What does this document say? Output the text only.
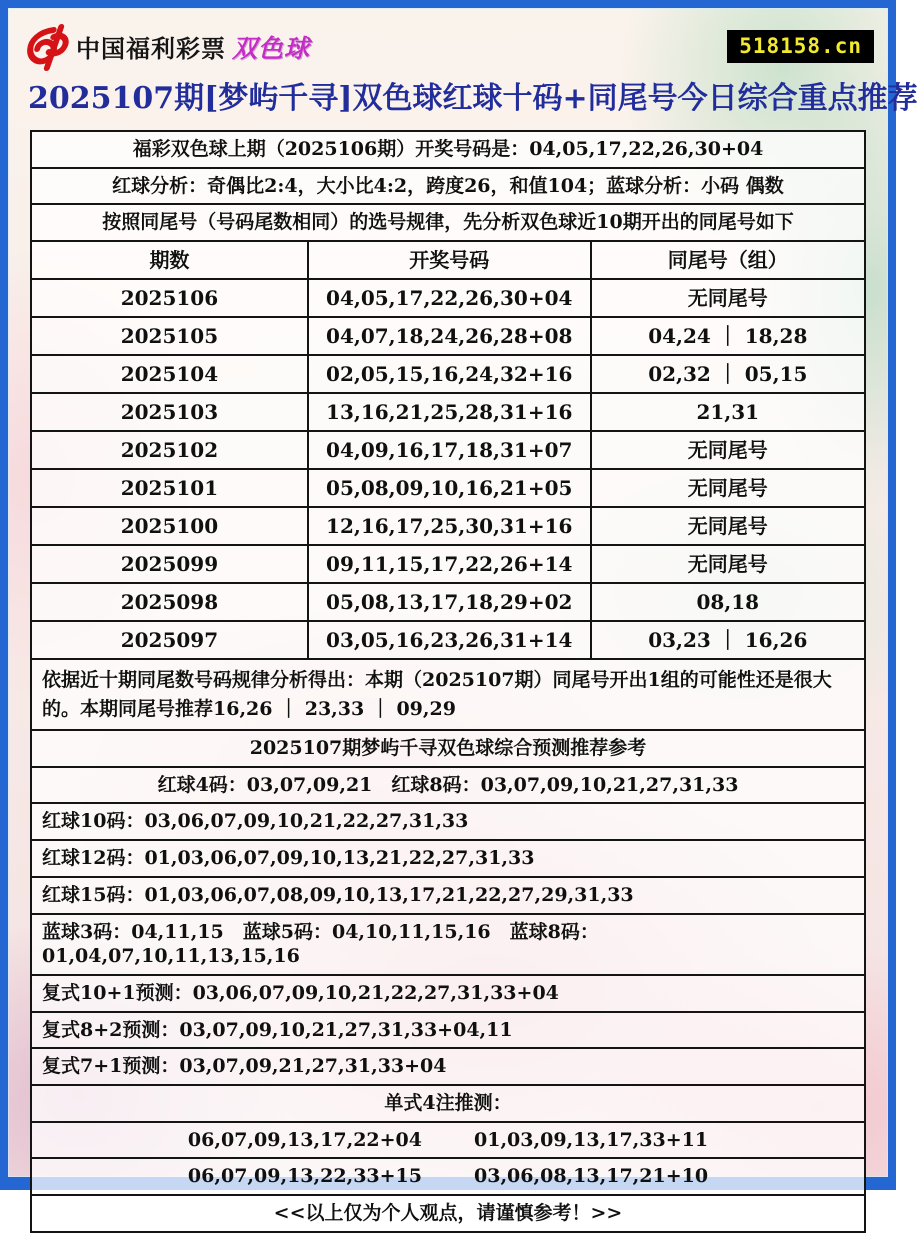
中国福利彩票 双色球	518158.cn
2025107期[梦屿千寻]双色球红球十码+同尾号今日综合重点推荐
福彩双色球上期（2025106期）开奖号码是：04,05,17,22,26,30+04
红球分析：奇偶比2:4，大小比4:2，跨度26，和值104；蓝球分析：小码 偶数
按照同尾号（号码尾数相同）的选号规律，先分析双色球近10期开出的同尾号如下
期数	开奖号码	同尾号（组）
2025106	04,05,17,22,26,30+04	无同尾号
2025105	04,07,18,24,26,28+08	04,24 ｜ 18,28
2025104	02,05,15,16,24,32+16	02,32 ｜ 05,15
2025103	13,16,21,25,28,31+16	21,31
2025102	04,09,16,17,18,31+07	无同尾号
2025101	05,08,09,10,16,21+05	无同尾号
2025100	12,16,17,25,30,31+16	无同尾号
2025099	09,11,15,17,22,26+14	无同尾号
2025098	05,08,13,17,18,29+02	08,18
2025097	03,05,16,23,26,31+14	03,23 ｜ 16,26
依据近十期同尾数号码规律分析得出：本期（2025107期）同尾号开出1组的可能性还是很大的。本期同尾号推荐16,26 ｜ 23,33 ｜ 09,29
2025107期梦屿千寻双色球综合预测推荐参考
红球4码：03,07,09,21　红球8码：03,07,09,10,21,27,31,33
红球10码：03,06,07,09,10,21,22,27,31,33
红球12码：01,03,06,07,09,10,13,21,22,27,31,33
红球15码：01,03,06,07,08,09,10,13,17,21,22,27,29,31,33
蓝球3码：04,11,15　蓝球5码：04,10,11,15,16　蓝球8码：01,04,07,10,11,13,15,16
复式10+1预测：03,06,07,09,10,21,22,27,31,33+04
复式8+2预测：03,07,09,10,21,27,31,33+04,11
复式7+1预测：03,07,09,21,27,31,33+04
单式4注推测：
06,07,09,13,17,22+04	01,03,09,13,17,33+11
06,07,09,13,22,33+15	03,06,08,13,17,21+10
<<以上仅为个人观点，请谨慎参考！>>
